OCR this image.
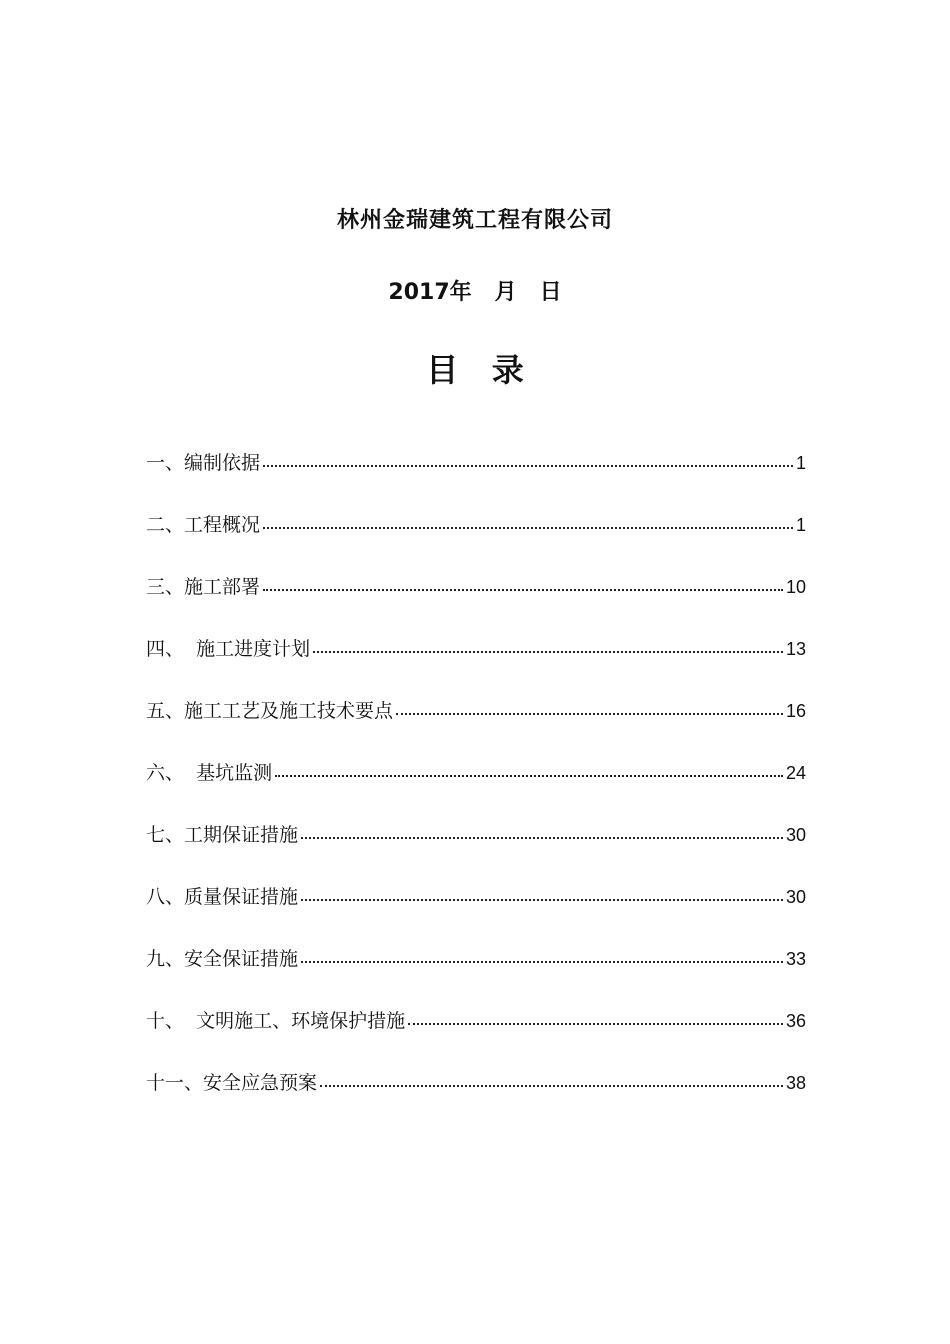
林州金瑞建筑工程有限公司
2017年   月   日
目   录
一、编制依据	1
二、工程概况	1
三、施工部署	10
四、  施工进度计划	13
五、施工工艺及施工技术要点	16
六、  基坑监测	24
七、工期保证措施	30
八、质量保证措施	30
九、安全保证措施	33
十、  文明施工、环境保护措施	36
十一、安全应急预案	38
